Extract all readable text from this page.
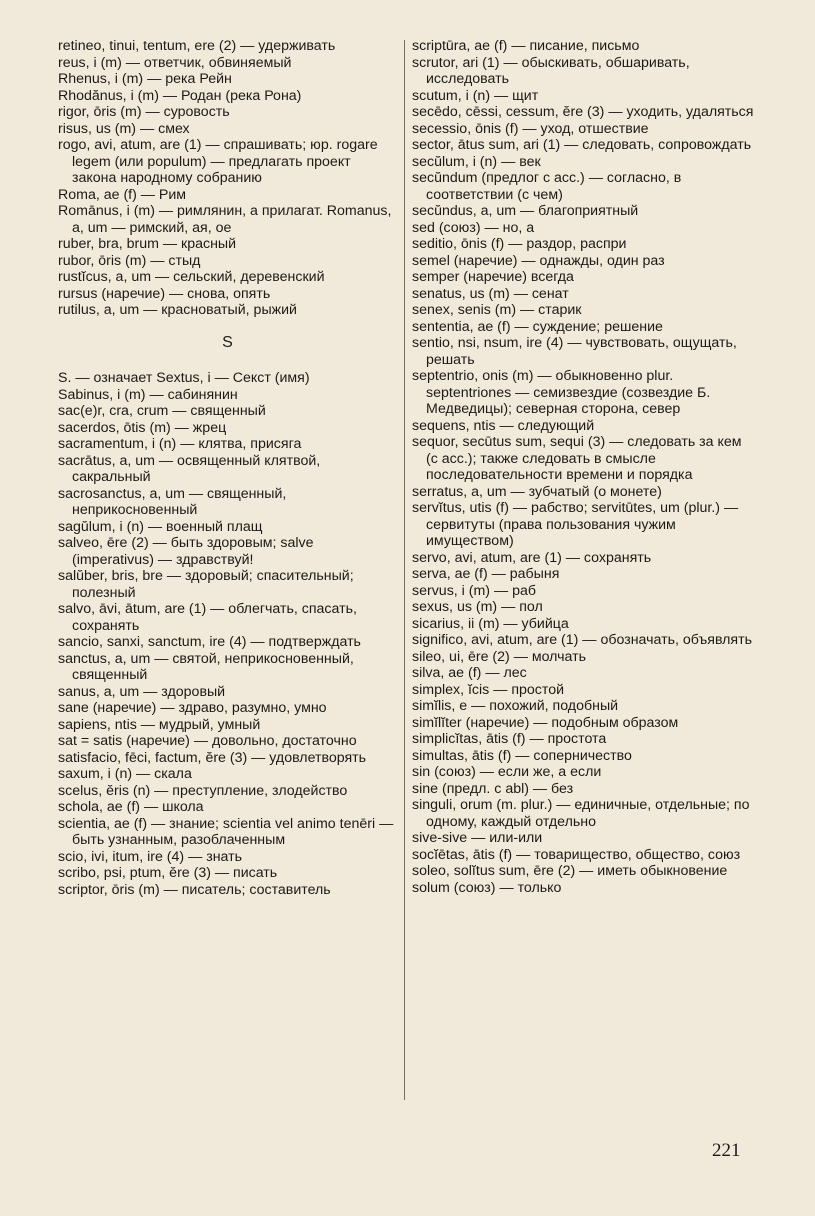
retineo, tinui, tentum, ere (2) — удерживать

reus, i (m) — ответчик, обвиняемый

Rhenus, i (m) — река Рейн

Rhodănus, i (m) — Родан (река Рона)

rigor, ōris (m) — суровость

risus, us (m) — смех

rogo, avi, atum, are (1) — спрашивать; юр. rogare legem (или populum) — предлагать проект закона народному собранию

Roma, ae (f) — Рим

Romānus, i (m) — римлянин, а прилагат. Romanus, a, um — римский, ая, ое

ruber, bra, brum — красный

rubor, ōris (m) — стыд

rustĭcus, a, um — сельский, деревенский

rursus (наречие) — снова, опять

rutilus, a, um — красноватый, рыжий

S

S. — означает Sextus, i — Секст (имя)

Sabinus, i (m) — сабинянин

sac(e)r, cra, crum — священный

sacerdos, ōtis (m) — жрец

sacramentum, i (n) — клятва, присяга

sacrātus, a, um — освященный клятвой, сакральный

sacrosanctus, a, um — священный, неприкосновенный

sagŭlum, i (n) — военный плащ

salveo, ēre (2) — быть здоровым; salve (imperativus) — здравствуй!

salŭber, bris, bre — здоровый; спасительный; полезный

salvo, āvi, ātum, are (1) — облегчать, спасать, сохранять

sancio, sanxi, sanctum, ire (4) — подтверждать

sanctus, a, um — святой, неприкосновенный, священный

sanus, a, um — здоровый

sane (наречие) — здраво, разумно, умно

sapiens, ntis — мудрый, умный

sat = satis (наречие) — довольно, достаточно

satisfacio, fēci, factum, ĕre (3) — удовлетворять

saxum, i (n) — скала

scelus, ĕris (n) — преступление, злодейство

schola, ae (f) — школа

scientia, ae (f) — знание; scientia vel animo tenēri — быть узнанным, разоблаченным

scio, ivi, itum, ire (4) — знать

scribo, psi, ptum, ĕre (3) — писать

scriptor, ōris (m) — писатель; составитель

scriptūra, ae (f) — писание, письмо

scrutor, ari (1) — обыскивать, обшаривать, исследовать

scutum, i (n) — щит

secēdo, cēssi, cessum, ĕre (3) — уходить, удаляться

secessio, ōnis (f) — уход, отшествие

sector, ātus sum, ari (1) — следовать, сопровождать

secŭlum, i (n) — век

secŭndum (предлог с acc.) — согласно, в соответствии (с чем)

secŭndus, a, um — благоприятный

sed (союз) — но, а

seditio, ōnis (f) — раздор, распри

semel (наречие) — однажды, один раз

semper (наречие) всегда

senatus, us (m) — сенат

senex, senis (m) — старик

sententia, ae (f) — суждение; решение

sentio, nsi, nsum, ire (4) — чувствовать, ощущать, решать

septentrio, onis (m) — обыкновенно plur. septentriones — семизвездие (созвездие Б. Медведицы); северная сторона, север

sequens, ntis — следующий

sequor, secūtus sum, sequi (3) — следовать за кем (с acc.); также следовать в смысле последовательности времени и порядка

serratus, a, um — зубчатый (о монете)

servĭtus, utis (f) — рабство; servitūtes, um (plur.) — сервитуты (права пользования чужим имуществом)

servo, avi, atum, are (1) — сохранять

serva, ae (f) — рабыня

servus, i (m) — раб

sexus, us (m) — пол

sicarius, ii (m) — убийца

significo, avi, atum, are (1) — обозначать, объявлять

sileo, ui, ēre (2) — молчать

silva, ae (f) — лес

simplex, ĭcis — простой

simĭlis, e — похожий, подобный

simĭlĭter (наречие) — подобным образом

simplicĭtas, ātis (f) — простота

simultas, ātis (f) — соперничество

sin (союз) — если же, а если

sine (предл. с abl) — без

singuli, orum (m. plur.) — единичные, отдельные; по одному, каждый отдельно

sive-sive — или-или

socĭētas, ātis (f) — товарищество, общество, союз

soleo, solĭtus sum, ēre (2) — иметь обыкновение

solum (союз) — только

221
